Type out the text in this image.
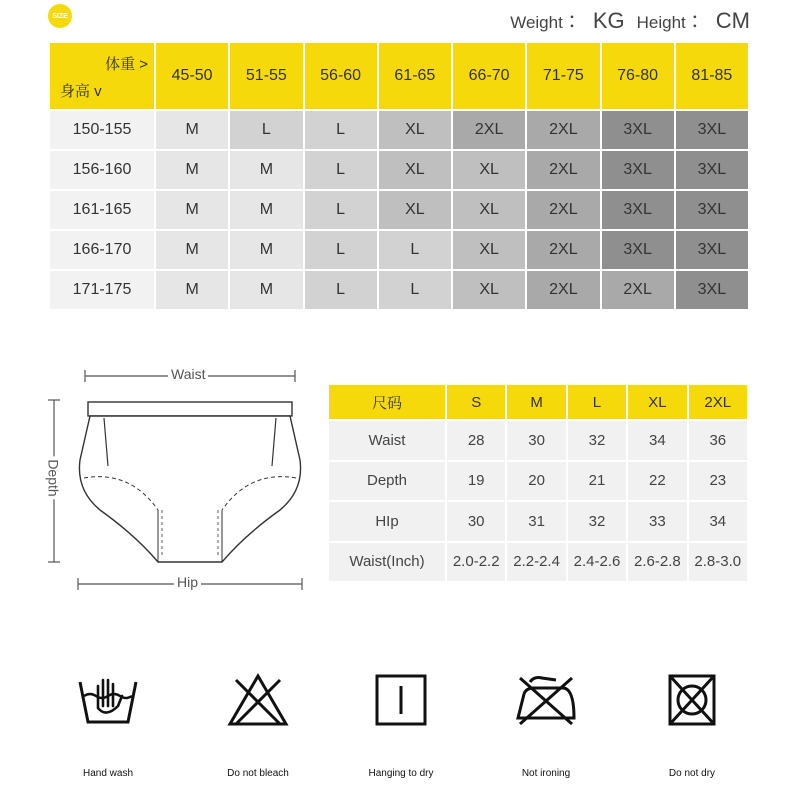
SIZE	Weight ： KG Height ： CM
体重 >
身高 v	45-50	51-55	56-60	61-65	66-70	71-75	76-80	81-85
150-155	M	L	L	XL	2XL	2XL	3XL	3XL
156-160	M	M	L	XL	XL	2XL	3XL	3XL
161-165	M	M	L	XL	XL	2XL	3XL	3XL
166-170	M	M	L	L	XL	2XL	3XL	3XL
171-175	M	M	L	L	XL	2XL	2XL	3XL
Waist
Depth
Hip
尺码	S	M	L	XL	2XL
Waist	28	30	32	34	36
Depth	19	20	21	22	23
HIp	30	31	32	33	34
Waist(Inch)	2.0-2.2	2.2-2.4	2.4-2.6	2.6-2.8	2.8-3.0
Hand wash	Do not bleach	Hanging to dry	Not ironing	Do not dry
